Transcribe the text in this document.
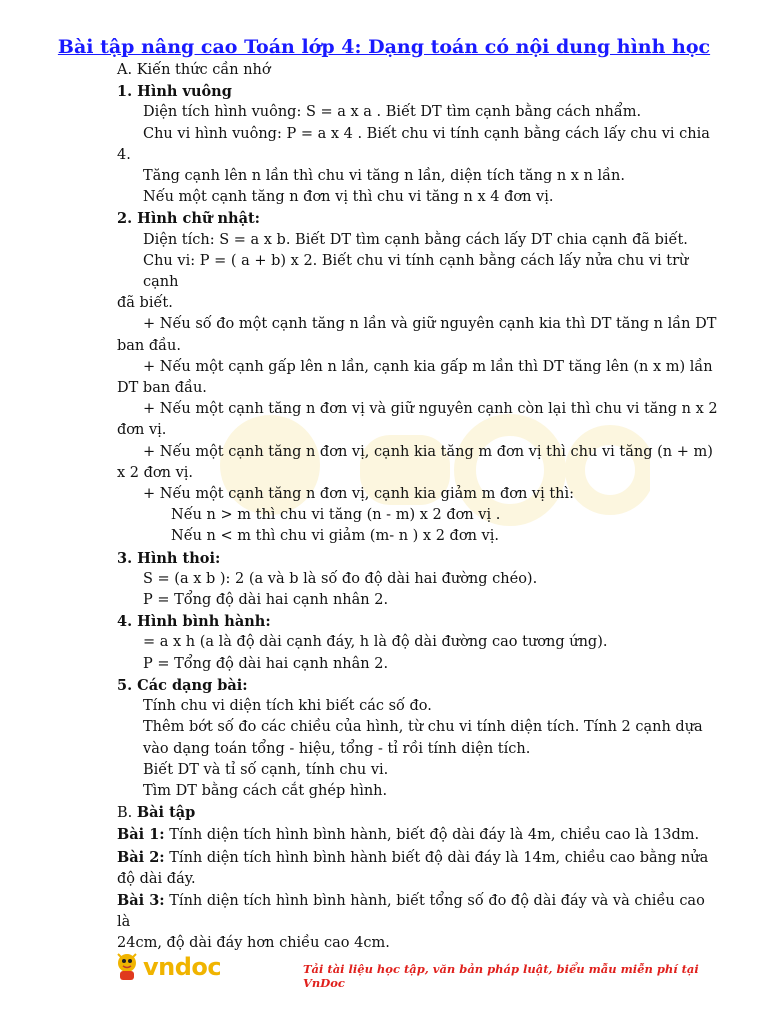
Bài tập nâng cao Toán lớp 4: Dạng toán có nội dung hình học

A. Kiến thức cần nhớ

1. Hình vuông

Diện tích hình vuông: S = a x a . Biết DT tìm cạnh bằng cách nhẩm.

Chu vi hình vuông: P = a x 4 . Biết chu vi tính cạnh bằng cách lấy chu vi chia

4.

Tăng cạnh lên n lần thì chu vi tăng n lần, diện tích tăng n x n lần.

Nếu một cạnh tăng n đơn vị thì chu vi tăng n x 4 đơn vị.

2. Hình chữ nhật:

Diện tích: S = a x b. Biết DT tìm cạnh bằng cách lấy DT chia cạnh đã biết.

Chu vi: P = ( a + b) x 2. Biết chu vi tính cạnh bằng cách lấy nửa chu vi trừ cạnh

đã biết.

+ Nếu số đo một cạnh tăng n lần và giữ nguyên cạnh kia thì DT tăng n lần DT

ban đầu.

+ Nếu một cạnh gấp lên n lần, cạnh kia gấp m lần thì DT tăng lên (n x m) lần

DT ban đầu.

+ Nếu một cạnh tăng n đơn vị và giữ nguyên cạnh còn lại thì chu vi tăng n x 2

đơn vị.

+ Nếu một cạnh tăng n đơn vị, cạnh kia tăng m đơn vị thì chu vi tăng (n + m)

x 2 đơn vị.

+ Nếu một cạnh tăng n đơn vị, cạnh kia giảm m đơn vị thì:

Nếu n > m thì chu vi tăng (n - m) x 2 đơn vị .

Nếu n < m thì chu vi giảm (m- n ) x 2 đơn vị.

3. Hình thoi:

S = (a x b ): 2 (a và b là số đo độ dài hai đường chéo).

P = Tổng độ dài hai cạnh nhân 2.

4. Hình bình hành:

= a x h (a là độ dài cạnh đáy, h là độ dài đường cao tương ứng).

P = Tổng độ dài hai cạnh nhân 2.

5. Các dạng bài:

Tính chu vi diện tích khi biết các số đo.

Thêm bớt số đo các chiều của hình, từ chu vi tính diện tích. Tính 2 cạnh dựa

vào dạng toán tổng - hiệu, tổng - tỉ rồi tính diện tích.

Biết DT và tỉ số cạnh, tính chu vi.

Tìm DT bằng cách cắt ghép hình.

B. Bài tập

Bài 1: Tính diện tích hình bình hành, biết độ dài đáy là 4m, chiều cao là 13dm.

Bài 2: Tính diện tích hình bình hành biết độ dài đáy là 14m, chiều cao bằng nửa

độ dài đáy.

Bài 3: Tính diện tích hình bình hành, biết tổng số đo độ dài đáy và và chiều cao là

24cm, độ dài đáy hơn chiều cao 4cm.

vndoc	Tải tài liệu học tập, văn bản pháp luật, biểu mẫu miễn phí tại VnDoc
